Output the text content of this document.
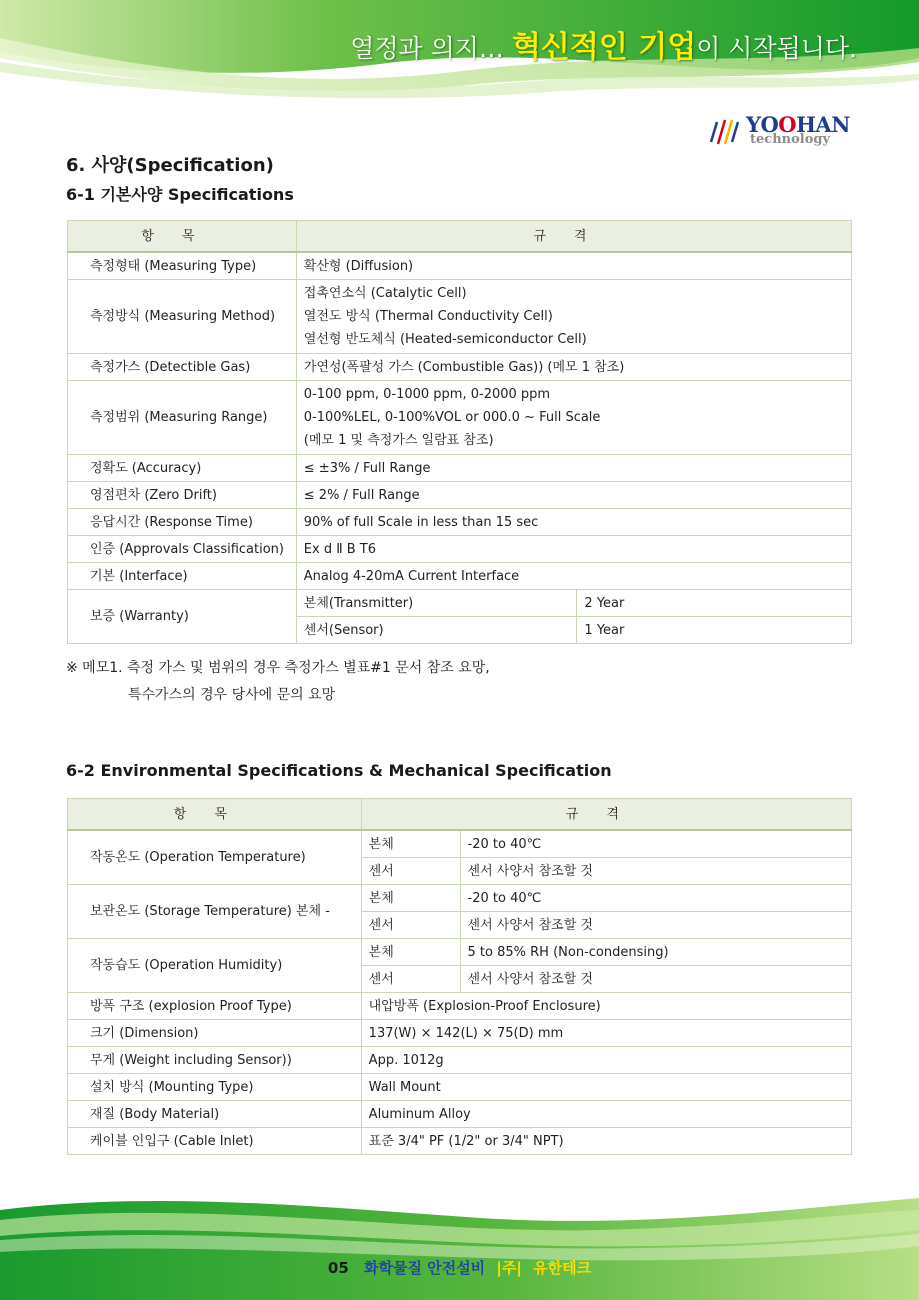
열정과 의지… 혁신적인 기업이 시작됩니다.
YOOHAN
technology
6. 사양(Specification)
6-1 기본사양 Specifications
항목	규격	
측정형태 (Measuring Type)	확산형 (Diffusion)	

측정방식 (Measuring Method)	접촉연소식 (Catalytic Cell)
열전도 방식 (Thermal Conductivity Cell)
열선형 반도체식 (Heated-semiconductor Cell)	

측정가스 (Detectible Gas)	가연성(폭팔성 가스 (Combustible Gas)) (메모 1 참조)	

측정범위 (Measuring Range)	0-100 ppm, 0-1000 ppm, 0-2000 ppm
0-100%LEL, 0-100%VOL or 000.0 ~ Full Scale
(메모 1 및 측정가스 일람표 참조)	

정확도 (Accuracy)	≤ ±3% / Full Range	

영점편차 (Zero Drift)	≤ 2% / Full Range	

응답시간 (Response Time)	90% of full Scale in less than 15 sec	

인증 (Approvals Classification)	Ex d Ⅱ B T6	

기본 (Interface)	Analog 4-20mA Current Interface	

보증 (Warranty)	본체(Transmitter)	2 Year
	센서(Sensor)	1 Year
※ 메모1. 측정 가스 및 범위의 경우 측정가스 별표#1 문서 참조 요망,
특수가스의 경우 당사에 문의 요망
6-2 Environmental Specifications & Mechanical Specification
항목	규격	
작동온도 (Operation Temperature)	본체	-20 to 40℃
	센서	센서 사양서 참조할 것
보관온도 (Storage Temperature) 본체 -	본체	-20 to 40℃
	센서	센서 사양서 참조할 것
작동습도 (Operation Humidity)	본체	5 to 85% RH (Non-condensing)
	센서	센서 사양서 참조할 것
방폭 구조 (explosion Proof Type)	내압방폭 (Explosion-Proof Enclosure)	
크기 (Dimension)	137(W) × 142(L) × 75(D) mm	
무게 (Weight including Sensor))	App. 1012g	
설치 방식 (Mounting Type)	Wall Mount	
재질 (Body Material)	Aluminum Alloy	
케이블 인입구 (Cable Inlet)	표준 3/4" PF (1/2" or 3/4" NPT)	
05 화학물질 안전설비 |주| 유한테크
